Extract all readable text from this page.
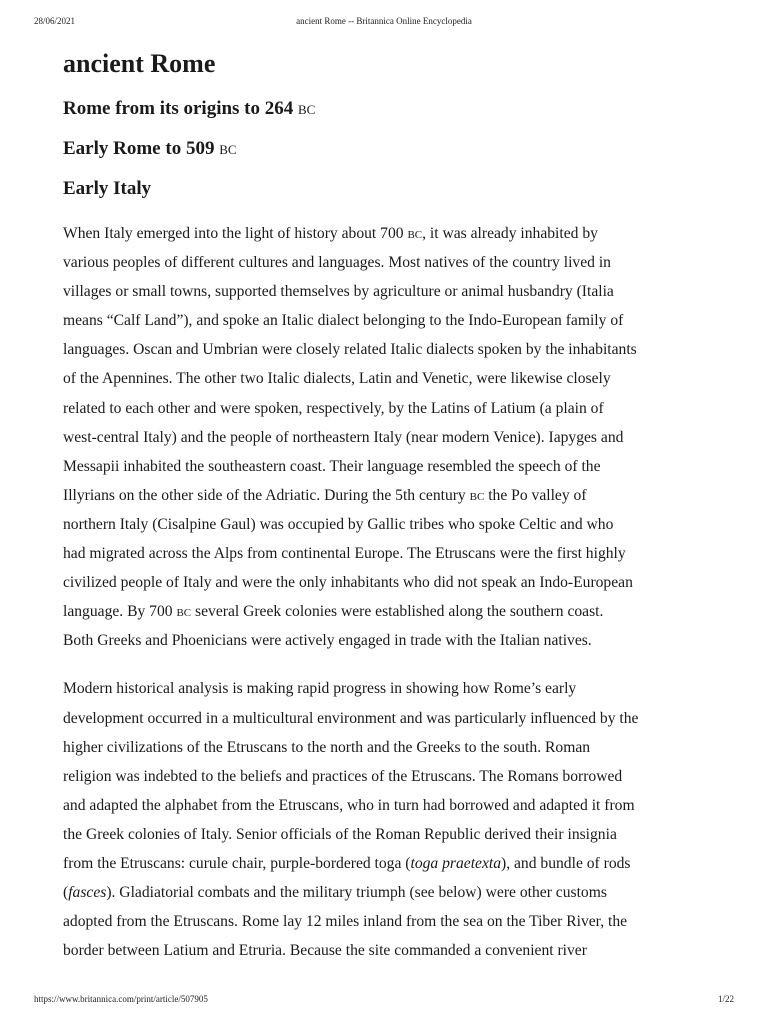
28/06/2021	ancient Rome -- Britannica Online Encyclopedia
ancient Rome
Rome from its origins to 264 bc
Early Rome to 509 bc
Early Italy

When Italy emerged into the light of history about 700 bc, it was already inhabited by
various peoples of different cultures and languages. Most natives of the country lived in
villages or small towns, supported themselves by agriculture or animal husbandry (Italia
means “Calf Land”), and spoke an Italic dialect belonging to the Indo-European family of
languages. Oscan and Umbrian were closely related Italic dialects spoken by the inhabitants
of the Apennines. The other two Italic dialects, Latin and Venetic, were likewise closely
related to each other and were spoken, respectively, by the Latins of Latium (a plain of
west-central Italy) and the people of northeastern Italy (near modern Venice). Iapyges and
Messapii inhabited the southeastern coast. Their language resembled the speech of the
Illyrians on the other side of the Adriatic. During the 5th century bc the Po valley of
northern Italy (Cisalpine Gaul) was occupied by Gallic tribes who spoke Celtic and who
had migrated across the Alps from continental Europe. The Etruscans were the first highly
civilized people of Italy and were the only inhabitants who did not speak an Indo-European
language. By 700 bc several Greek colonies were established along the southern coast.
Both Greeks and Phoenicians were actively engaged in trade with the Italian natives.

Modern historical analysis is making rapid progress in showing how Rome’s early
development occurred in a multicultural environment and was particularly influenced by the
higher civilizations of the Etruscans to the north and the Greeks to the south. Roman
religion was indebted to the beliefs and practices of the Etruscans. The Romans borrowed
and adapted the alphabet from the Etruscans, who in turn had borrowed and adapted it from
the Greek colonies of Italy. Senior officials of the Roman Republic derived their insignia
from the Etruscans: curule chair, purple-bordered toga (toga praetexta), and bundle of rods
(fasces). Gladiatorial combats and the military triumph (see below) were other customs
adopted from the Etruscans. Rome lay 12 miles inland from the sea on the Tiber River, the
border between Latium and Etruria. Because the site commanded a convenient river

https://www.britannica.com/print/article/507905	1/22
